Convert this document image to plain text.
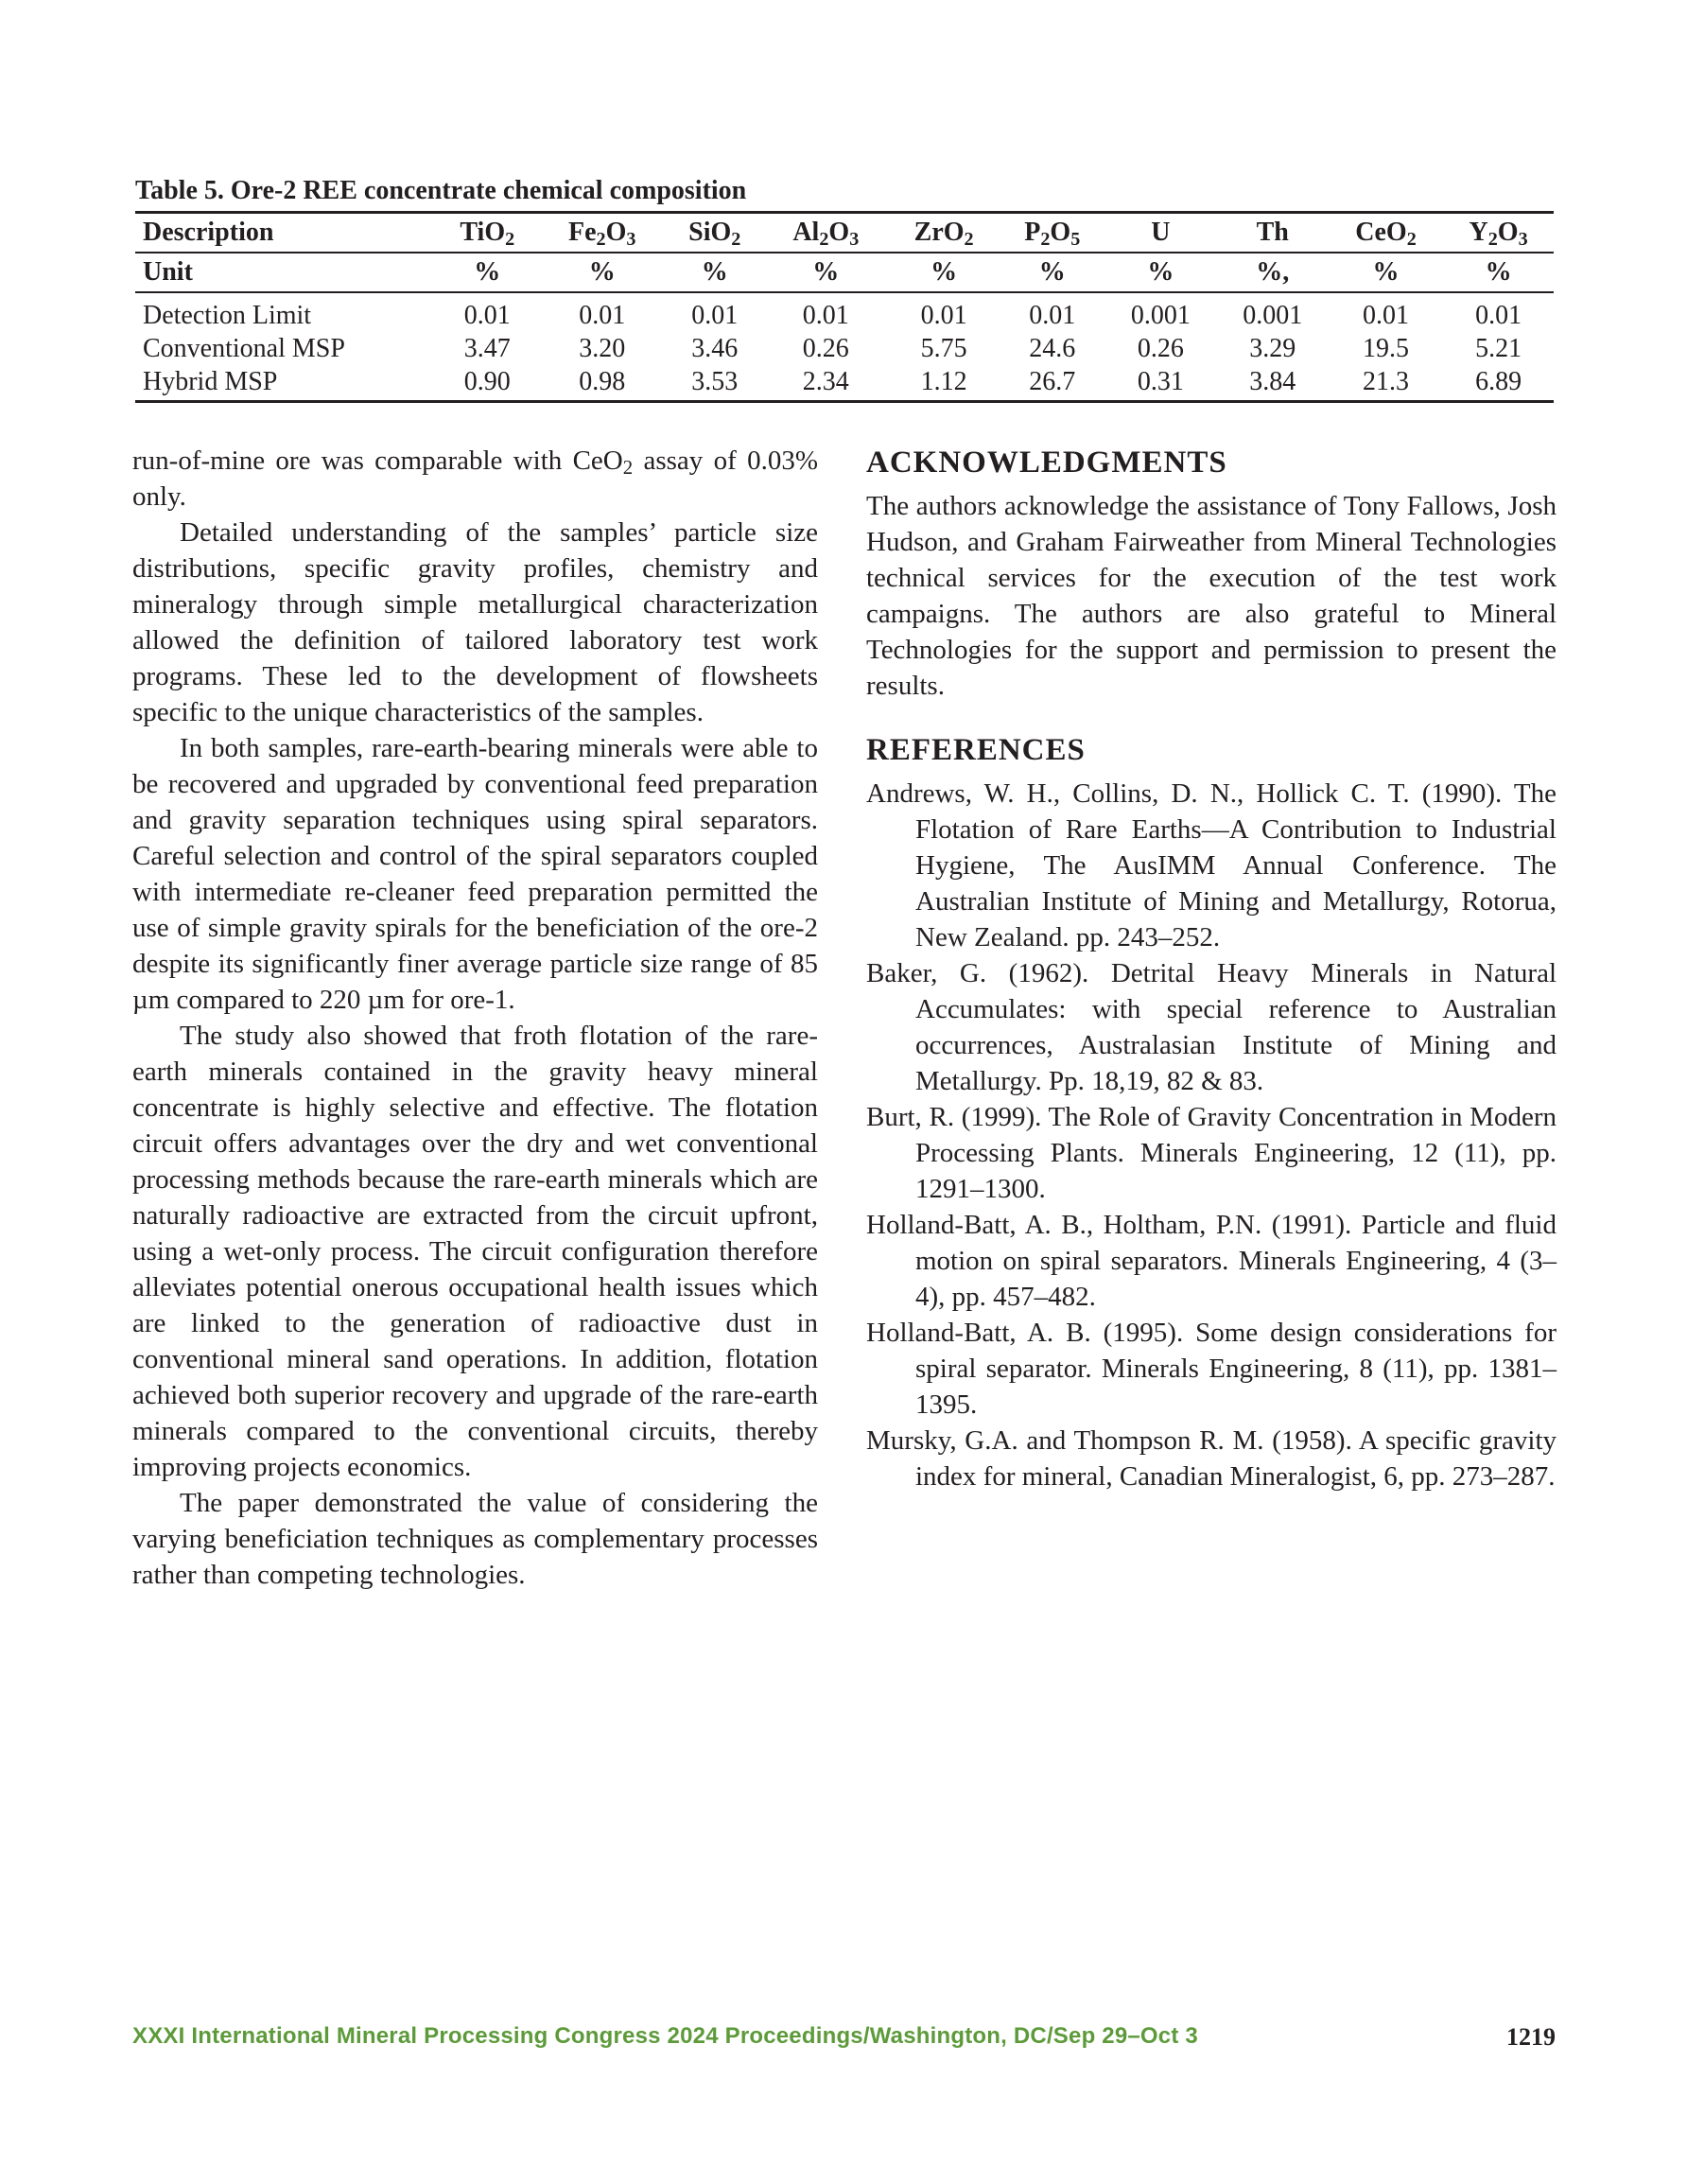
Table 5. Ore-2 REE concentrate chemical composition
Description	TiO$_2$	$Fe_2O_3$	SiO$_2$	$Al_2O_3$	ZrO$_2$	$P_2O_5$	U	Th	CeO$_2$	$Y_2O_3$
Unit	%	%	%	%	%	%	%	%,	%	%
Detection Limit	0.01	0.01	0.01	0.01	0.01	0.01	0.001	0.001	0.01	0.01
Conventional MSP	3.47	3.20	3.46	0.26	5.75	24.6	0.26	3.29	19.5	5.21
Hybrid MSP	0.90	0.98	3.53	2.34	1.12	26.7	0.31	3.84	21.3	6.89

run-of-mine ore was comparable with CeO$_2$ assay of 0.03% only.

Detailed understanding of the samples’ particle size distributions, specific gravity profiles, chemistry and mineralogy through simple metallurgical characterization allowed the definition of tailored laboratory test work programs. These led to the development of flowsheets specific to the unique characteristics of the samples.

In both samples, rare-earth-bearing minerals were able to be recovered and upgraded by conventional feed preparation and gravity separation techniques using spiral separators. Careful selection and control of the spiral separators coupled with intermediate re-cleaner feed preparation permitted the use of simple gravity spirals for the beneficiation of the ore-2 despite its significantly finer average particle size range of 85 µm compared to 220 µm for ore-1.

The study also showed that froth flotation of the rare-earth minerals contained in the gravity heavy mineral concentrate is highly selective and effective. The flotation circuit offers advantages over the dry and wet conventional processing methods because the rare-earth minerals which are naturally radioactive are extracted from the circuit upfront, using a wet-only process. The circuit configuration therefore alleviates potential onerous occupational health issues which are linked to the generation of radioactive dust in conventional mineral sand operations. In addition, flotation achieved both superior recovery and upgrade of the rare-earth minerals compared to the conventional circuits, thereby improving projects economics.

The paper demonstrated the value of considering the varying beneficiation techniques as complementary processes rather than competing technologies.

ACKNOWLEDGMENTS

The authors acknowledge the assistance of Tony Fallows, Josh Hudson, and Graham Fairweather from Mineral Technologies technical services for the execution of the test work campaigns. The authors are also grateful to Mineral Technologies for the support and permission to present the results.

REFERENCES

Andrews, W. H., Collins, D. N., Hollick C. T. (1990). The Flotation of Rare Earths—A Contribution to Industrial Hygiene, The AusIMM Annual Conference. The Australian Institute of Mining and Metallurgy, Rotorua, New Zealand. pp. 243–252.

Baker, G. (1962). Detrital Heavy Minerals in Natural Accumulates: with special reference to Australian occurrences, Australasian Institute of Mining and Metallurgy. Pp. 18,19, 82 & 83.

Burt, R. (1999). The Role of Gravity Concentration in Modern Processing Plants. Minerals Engineering, 12 (11), pp. 1291–1300.

Holland-Batt, A. B., Holtham, P.N. (1991). Particle and fluid motion on spiral separators. Minerals Engineering, 4 (3–4), pp. 457–482.

Holland-Batt, A. B. (1995). Some design considerations for spiral separator. Minerals Engineering, 8 (11), pp. 1381–1395.

Mursky, G.A. and Thompson R. M. (1958). A specific gravity index for mineral, Canadian Mineralogist, 6, pp. 273–287.

XXXI International Mineral Processing Congress 2024 Proceedings/Washington, DC/Sep 29–Oct 3	1219
